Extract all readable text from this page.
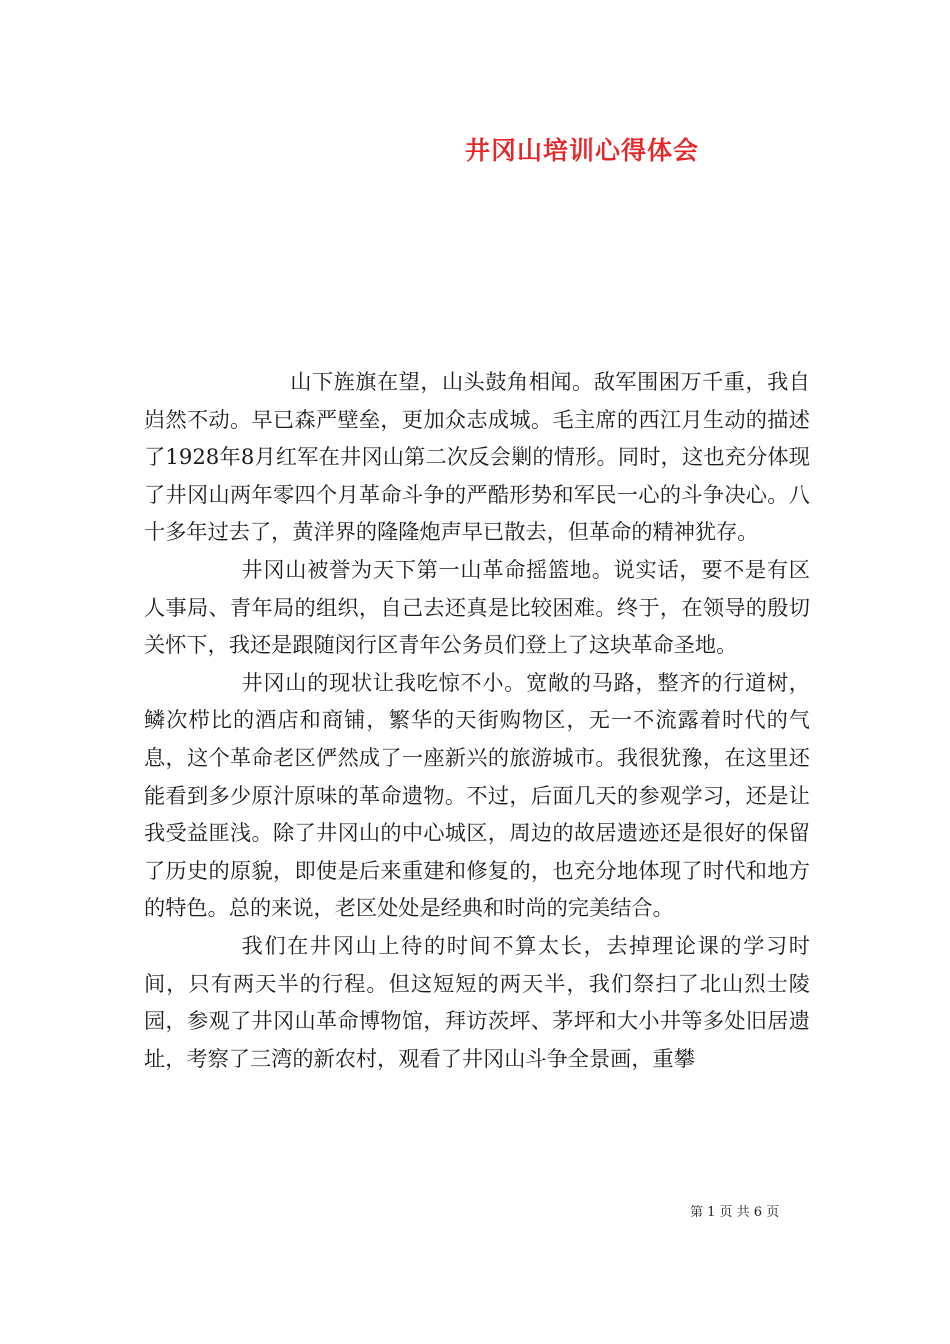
井冈山培训心得体会

山下旌旗在望，山头鼓角相闻。敌军围困万千重，我自岿然不动。早已森严壁垒，更加众志成城。毛主席的西江月生动的描述了1928年8月红军在井冈山第二次反会剿的情形。同时，这也充分体现了井冈山两年零四个月革命斗争的严酷形势和军民一心的斗争决心。八十多年过去了，黄洋界的隆隆炮声早已散去，但革命的精神犹存。

井冈山被誉为天下第一山革命摇篮地。说实话，要不是有区人事局、青年局的组织，自己去还真是比较困难。终于，在领导的殷切关怀下，我还是跟随闵行区青年公务员们登上了这块革命圣地。

井冈山的现状让我吃惊不小。宽敞的马路，整齐的行道树，鳞次栉比的酒店和商铺，繁华的天街购物区，无一不流露着时代的气息，这个革命老区俨然成了一座新兴的旅游城市。我很犹豫，在这里还能看到多少原汁原味的革命遗物。不过，后面几天的参观学习，还是让我受益匪浅。除了井冈山的中心城区，周边的故居遗迹还是很好的保留了历史的原貌，即使是后来重建和修复的，也充分地体现了时代和地方的特色。总的来说，老区处处是经典和时尚的完美结合。

我们在井冈山上待的时间不算太长，去掉理论课的学习时间，只有两天半的行程。但这短短的两天半，我们祭扫了北山烈士陵园，参观了井冈山革命博物馆，拜访茨坪、茅坪和大小井等多处旧居遗址，考察了三湾的新农村，观看了井冈山斗争全景画，重攀

第 1 页 共 6 页
